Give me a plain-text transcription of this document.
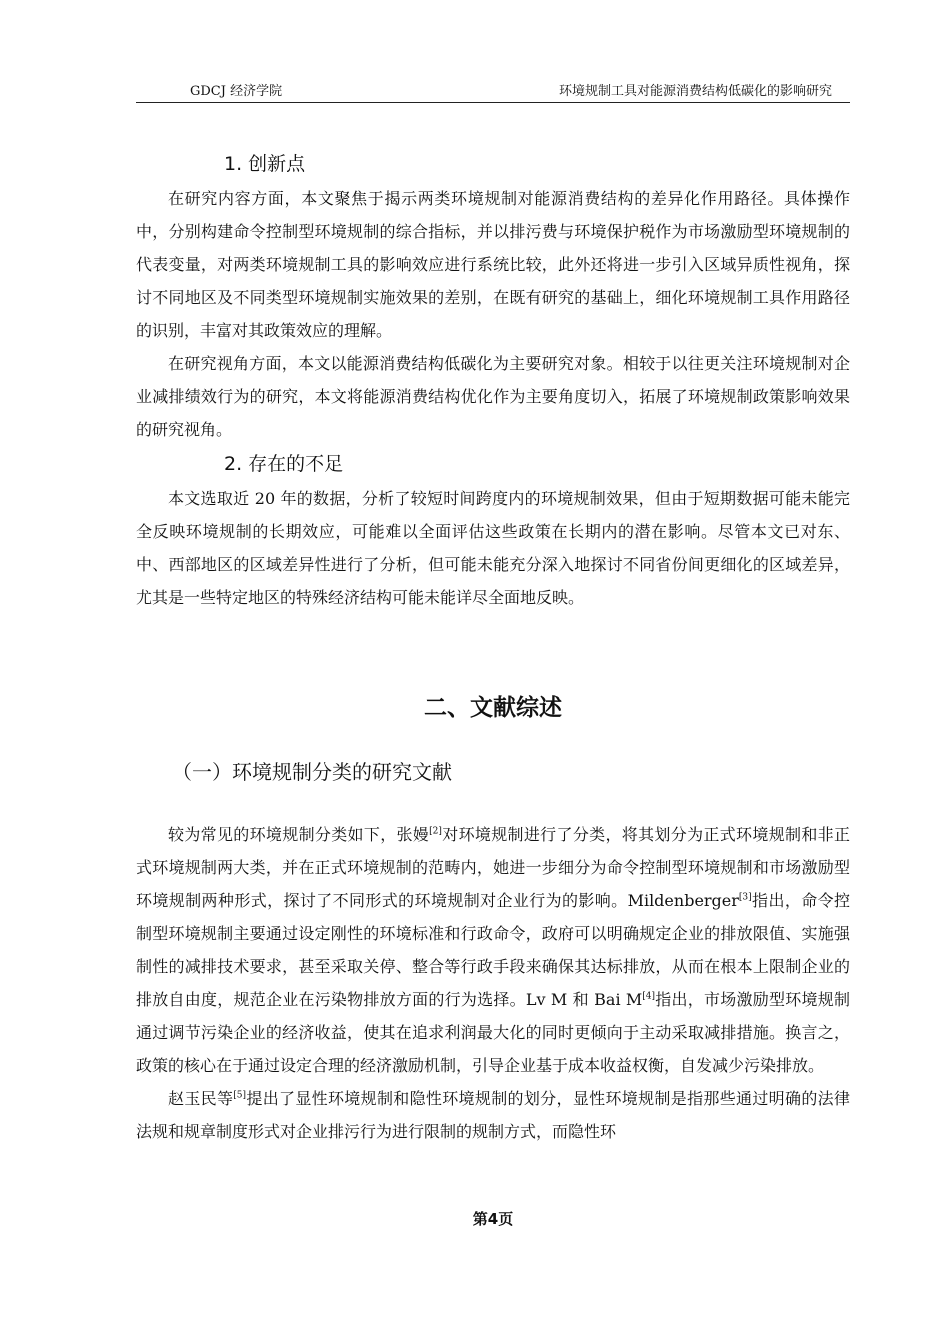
GDCJ 经济学院	环境规制工具对能源消费结构低碳化的影响研究
1. 创新点

在研究内容方面，本文聚焦于揭示两类环境规制对能源消费结构的差异化作用路径。具体操作中，分别构建命令控制型环境规制的综合指标，并以排污费与环境保护税作为市场激励型环境规制的代表变量，对两类环境规制工具的影响效应进行系统比较，此外还将进一步引入区域异质性视角，探讨不同地区及不同类型环境规制实施效果的差别，在既有研究的基础上，细化环境规制工具作用路径的识别，丰富对其政策效应的理解。

在研究视角方面，本文以能源消费结构低碳化为主要研究对象。相较于以往更关注环境规制对企业减排绩效行为的研究，本文将能源消费结构优化作为主要角度切入，拓展了环境规制政策影响效果的研究视角。

2. 存在的不足

本文选取近 20 年的数据，分析了较短时间跨度内的环境规制效果，但由于短期数据可能未能完全反映环境规制的长期效应，可能难以全面评估这些政策在长期内的潜在影响。尽管本文已对东、中、西部地区的区域差异性进行了分析，但可能未能充分深入地探讨不同省份间更细化的区域差异，尤其是一些特定地区的特殊经济结构可能未能详尽全面地反映。

二、文献综述
（一）环境规制分类的研究文献

较为常见的环境规制分类如下，张嫚[2]对环境规制进行了分类，将其划分为正式环境规制和非正式环境规制两大类，并在正式环境规制的范畴内，她进一步细分为命令控制型环境规制和市场激励型环境规制两种形式，探讨了不同形式的环境规制对企业行为的影响。Mildenberger[3]指出，命令控制型环境规制主要通过设定刚性的环境标准和行政命令，政府可以明确规定企业的排放限值、实施强制性的减排技术要求，甚至采取关停、整合等行政手段来确保其达标排放，从而在根本上限制企业的排放自由度，规范企业在污染物排放方面的行为选择。Lv M 和 Bai M[4]指出，市场激励型环境规制通过调节污染企业的经济收益，使其在追求利润最大化的同时更倾向于主动采取减排措施。换言之，政策的核心在于通过设定合理的经济激励机制，引导企业基于成本收益权衡，自发减少污染排放。

赵玉民等[5]提出了显性环境规制和隐性环境规制的划分，显性环境规制是指那些通过明确的法律法规和规章制度形式对企业排污行为进行限制的规制方式，而隐性环

第4页
